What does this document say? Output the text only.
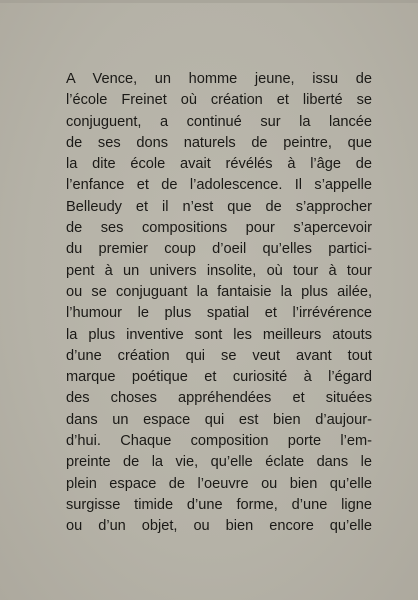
A Vence, un homme jeune, issu de
l’école Freinet où création et liberté se
conjuguent, a continué sur la lancée
de ses dons naturels de peintre, que
la dite école avait révélés à l’âge de
l’enfance et de l’adolescence. Il s’appelle
Belleudy et il n’est que de s’approcher
de ses compositions pour s’apercevoir
du premier coup d’oeil qu’elles partici-
pent à un univers insolite, où tour à tour
ou se conjuguant la fantaisie la plus ailée,
l’humour le plus spatial et l’irrévérence
la plus inventive sont les meilleurs atouts
d’une création qui se veut avant tout
marque poétique et curiosité à l’égard
des choses appréhendées et situées
dans un espace qui est bien d’aujour-
d’hui. Chaque composition porte l’em-
preinte de la vie, qu’elle éclate dans le
plein espace de l’oeuvre ou bien qu’elle
surgisse timide d’une forme, d’une ligne
ou d’un objet, ou bien encore qu’elle
